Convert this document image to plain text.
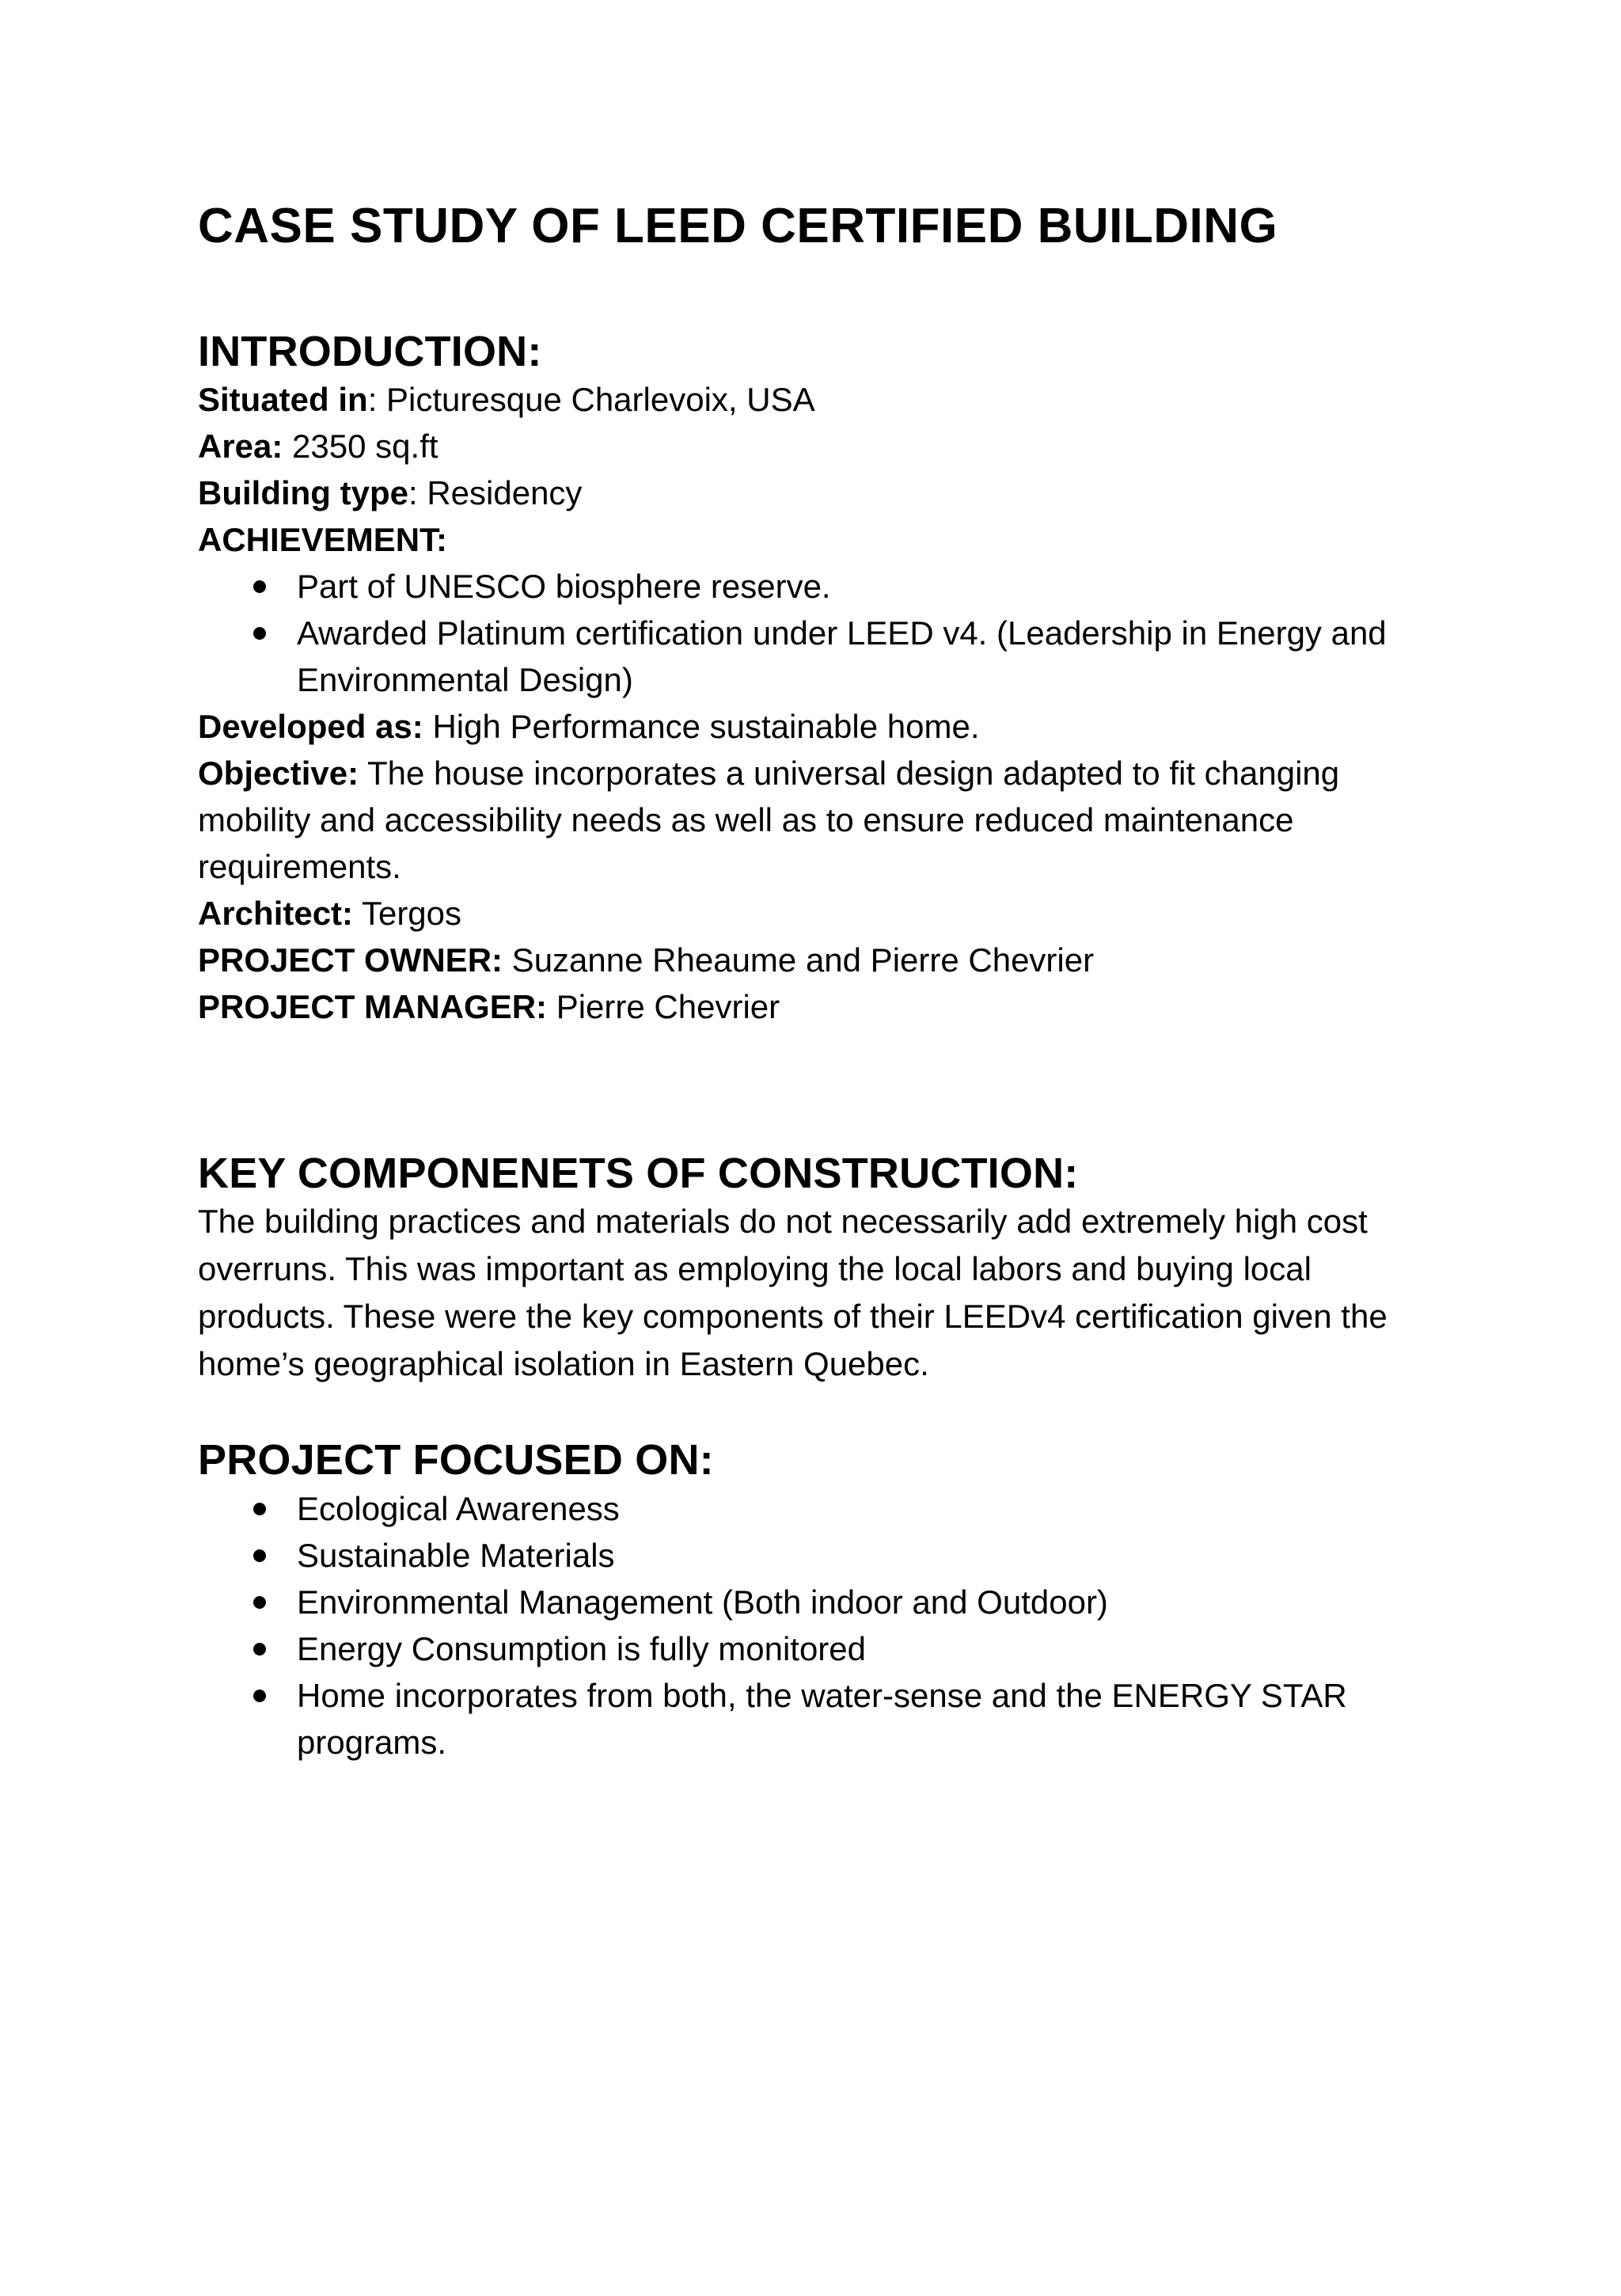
CASE STUDY OF LEED CERTIFIED BUILDING
INTRODUCTION:

Situated in: Picturesque Charlevoix, USA

Area: 2350 sq.ft

Building type: Residency

ACHIEVEMENT:

Part of UNESCO biosphere reserve.
Awarded Platinum certification under LEED v4. (Leadership in Energy and Environmental Design)

Developed as: High Performance sustainable home.

Objective: The house incorporates a universal design adapted to fit changing mobility and accessibility needs as well as to ensure reduced maintenance requirements.

Architect: Tergos

PROJECT OWNER: Suzanne Rheaume and Pierre Chevrier

PROJECT MANAGER: Pierre Chevrier

KEY COMPONENETS OF CONSTRUCTION:

The building practices and materials do not necessarily add extremely high cost overruns. This was important as employing the local labors and buying local products. These were the key components of their LEEDv4 certification given the home’s geographical isolation in Eastern Quebec.

PROJECT FOCUSED ON:
Ecological Awareness
Sustainable Materials
Environmental Management (Both indoor and Outdoor)
Energy Consumption is fully monitored
Home incorporates from both, the water-sense and the ENERGY STAR programs.
